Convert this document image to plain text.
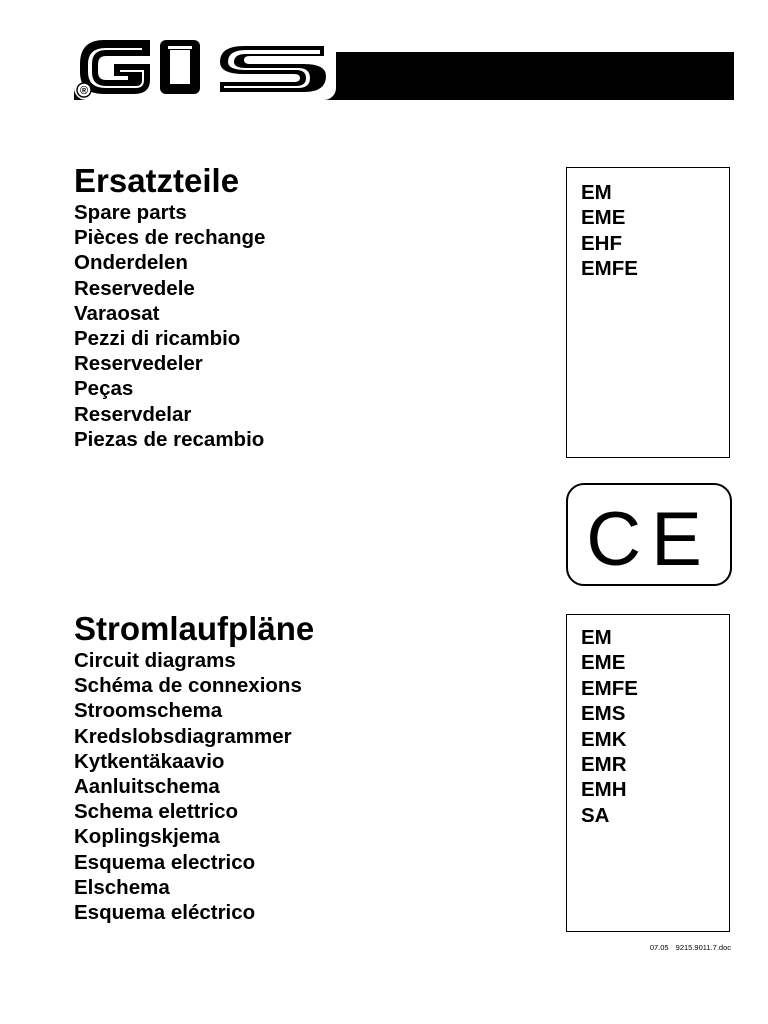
®
Ersatzteile
Spare parts
Pièces de rechange
Onderdelen
Reservedele
Varaosat
Pezzi di ricambio
Reservedeler
Peças
Reservdelar
Piezas de recambio
EM
EME
EHF
EMFE
CE
Stromlaufpläne
Circuit diagrams
Schéma de connexions
Stroomschema
Kredslobsdiagrammer
Kytkentäkaavio
Aanluitschema
Schema elettrico
Koplingskjema
Esquema electrico
Elschema
Esquema eléctrico
EM
EME
EMFE
EMS
EMK
EMR
EMH
SA
07.05 9215.9011.7.doc
